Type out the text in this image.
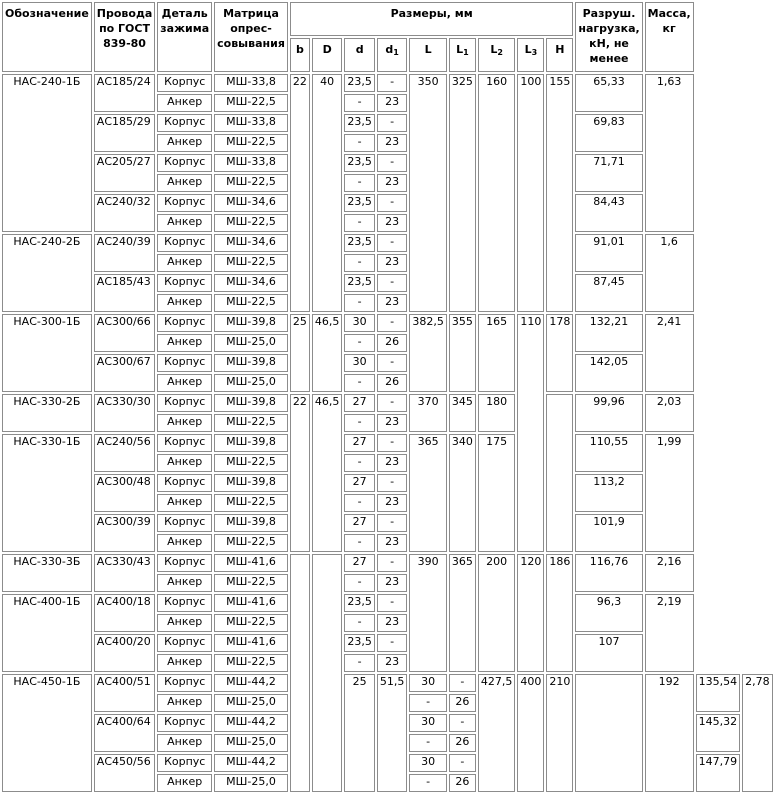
Обозначение	Провода по ГОСТ 839-80	Деталь зажима	Матрица опрес-совывания	Размеры, мм									Разруш. нагрузка, кН, не менее	Масса, кг		
				b	D	d	$d_1$	L	$L_1$	$L_2$	$L_3$	H				
НАС-240-1Б	АС185/24	Корпус	МШ-33,8	22	40	23,5	-	350	325	160	100	155	65,33	1,63		
		Анкер	МШ-22,5			-	23									
	АС185/29	Корпус	МШ-33,8			23,5	-						69,83			
		Анкер	МШ-22,5			-	23									
	АС205/27	Корпус	МШ-33,8			23,5	-						71,71			
		Анкер	МШ-22,5			-	23									
	АС240/32	Корпус	МШ-34,6			23,5	-						84,43			
		Анкер	МШ-22,5			-	23									
НАС-240-2Б	АС240/39	Корпус	МШ-34,6			23,5	-						91,01	1,6		
		Анкер	МШ-22,5			-	23									
	АС185/43	Корпус	МШ-34,6			23,5	-						87,45			
		Анкер	МШ-22,5			-	23									
НАС-300-1Б	АС300/66	Корпус	МШ-39,8	25	46,5	30	-	382,5	355	165	110	178	132,21	2,41		
		Анкер	МШ-25,0			-	26									
	АС300/67	Корпус	МШ-39,8			30	-						142,05			
		Анкер	МШ-25,0			-	26									
НАС-330-2Б	АС330/30	Корпус	МШ-39,8	22	46,5	27	-	370	345	180			99,96	2,03		
		Анкер	МШ-22,5			-	23									
НАС-330-1Б	АС240/56	Корпус	МШ-39,8			27	-	365	340	175			110,55	1,99		
		Анкер	МШ-22,5			-	23									
	АС300/48	Корпус	МШ-39,8			27	-						113,2			
		Анкер	МШ-22,5			-	23									
	АС300/39	Корпус	МШ-39,8			27	-						101,9			
		Анкер	МШ-22,5			-	23									
НАС-330-3Б	АС330/43	Корпус	МШ-41,6			27	-	390	365	200	120	186	116,76	2,16		
		Анкер	МШ-22,5			-	23									
НАС-400-1Б	АС400/18	Корпус	МШ-41,6			23,5	-						96,3	2,19		
		Анкер	МШ-22,5			-	23									
	АС400/20	Корпус	МШ-41,6			23,5	-						107			
		Анкер	МШ-22,5			-	23									
НАС-450-1Б	АС400/51	Корпус	МШ-44,2			25	51,5	30	-	427,5	400	210		192	135,54	2,78
		Анкер	МШ-25,0					-	26							
	АС400/64	Корпус	МШ-44,2					30	-						145,32	
		Анкер	МШ-25,0					-	26							
	АС450/56	Корпус	МШ-44,2					30	-						147,79	
		Анкер	МШ-25,0					-	26							
